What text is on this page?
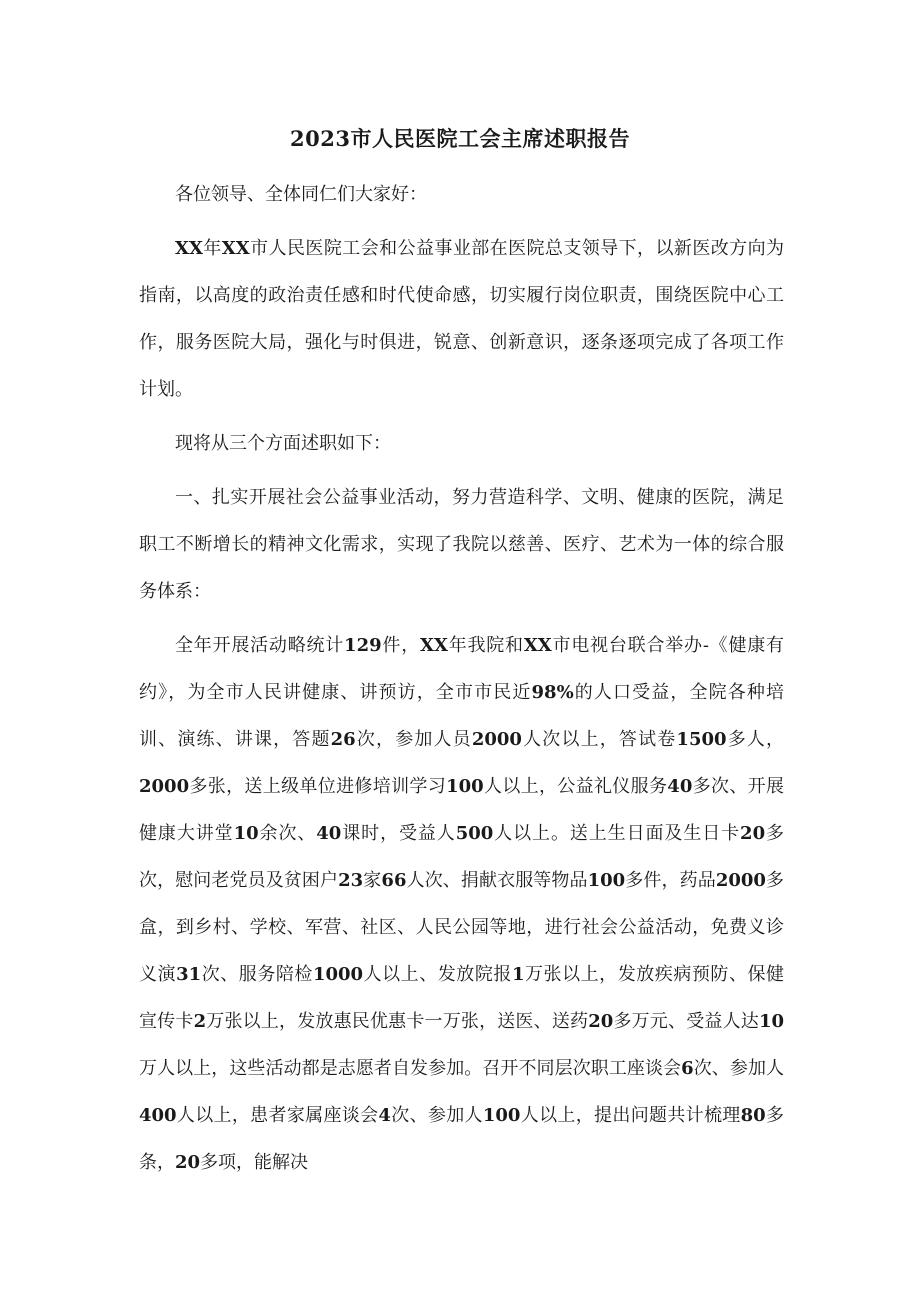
2023市人民医院工会主席述职报告

各位领导、全体同仁们大家好：

XX年XX市人民医院工会和公益事业部在医院总支领导下，以新医改方向为指南，以高度的政治责任感和时代使命感，切实履行岗位职责，围绕医院中心工作，服务医院大局，强化与时俱进，锐意、创新意识，逐条逐项完成了各项工作计划。

现将从三个方面述职如下：

一、扎实开展社会公益事业活动，努力营造科学、文明、健康的医院，满足职工不断增长的精神文化需求，实现了我院以慈善、医疗、艺术为一体的综合服务体系：

全年开展活动略统计129件，XX年我院和XX市电视台联合举办-《健康有约》，为全市人民讲健康、讲预访，全市市民近98%的人口受益，全院各种培训、演练、讲课，答题26次，参加人员2000人次以上，答试卷1500多人，2000多张，送上级单位进修培训学习100人以上，公益礼仪服务40多次、开展健康大讲堂10余次、40课时，受益人500人以上。送上生日面及生日卡20多次，慰问老党员及贫困户23家66人次、捐献衣服等物品100多件，药品2000多盒，到乡村、学校、军营、社区、人民公园等地，进行社会公益活动，免费义诊义演31次、服务陪检1000人以上、发放院报1万张以上，发放疾病预防、保健宣传卡2万张以上，发放惠民优惠卡一万张，送医、送药20多万元、受益人达10万人以上，这些活动都是志愿者自发参加。召开不同层次职工座谈会6次、参加人400人以上，患者家属座谈会4次、参加人100人以上，提出问题共计梳理80多条，20多项，能解决
